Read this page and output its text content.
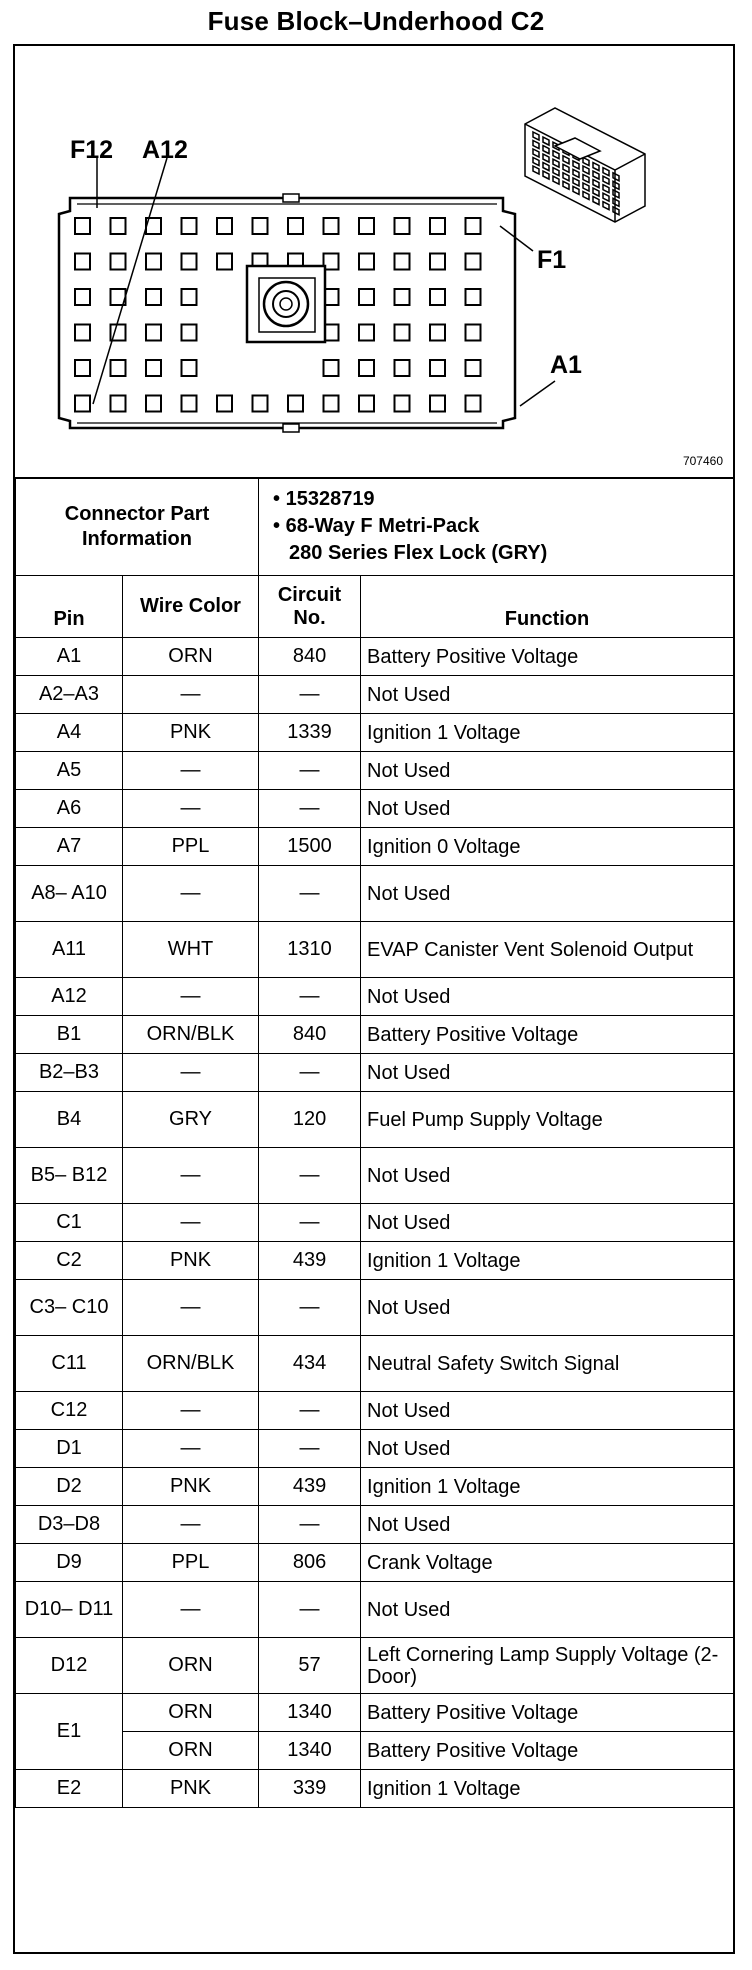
Fuse Block–Underhood C2
F12 A12
F1
A1
707460
Connector Part Information		• 15328719
• 68-Way F Metri-Pack
280 Series Flex Lock (GRY)	

Pin	Wire Color	Circuit No.	Function
A1	ORN	840	Battery Positive Voltage
A2–A3	—	—	Not Used
A4	PNK	1339	Ignition 1 Voltage
A5	—	—	Not Used
A6	—	—	Not Used
A7	PPL	1500	Ignition 0 Voltage
A8– A10	—	—	Not Used
A11	WHT	1310	EVAP Canister Vent Solenoid Output
A12	—	—	Not Used
B1	ORN/BLK	840	Battery Positive Voltage
B2–B3	—	—	Not Used
B4	GRY	120	Fuel Pump Supply Voltage
B5– B12	—	—	Not Used
C1	—	—	Not Used
C2	PNK	439	Ignition 1 Voltage
C3– C10	—	—	Not Used
C11	ORN/BLK	434	Neutral Safety Switch Signal
C12	—	—	Not Used
D1	—	—	Not Used
D2	PNK	439	Ignition 1 Voltage
D3–D8	—	—	Not Used
D9	PPL	806	Crank Voltage
D10– D11	—	—	Not Used
D12	ORN	57	Left Cornering Lamp Supply Voltage (2-Door)
E1	ORN	1340	Battery Positive Voltage
	ORN	1340	Battery Positive Voltage
E2	PNK	339	Ignition 1 Voltage
